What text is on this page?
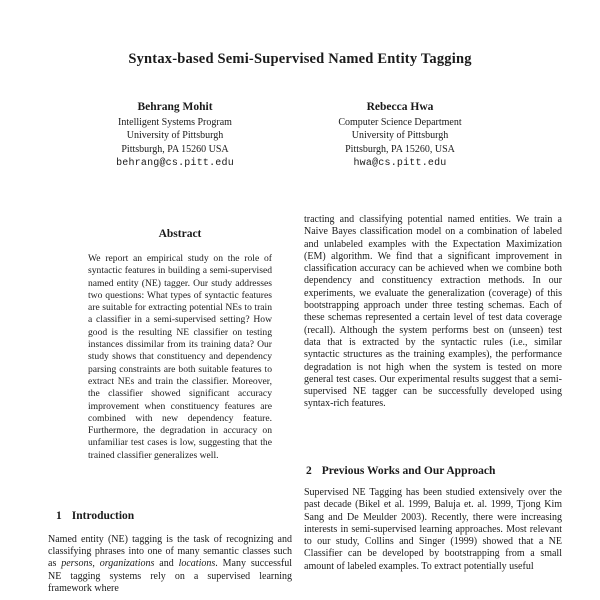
Syntax-based Semi-Supervised Named Entity Tagging
Behrang Mohit
Intelligent Systems Program
University of Pittsburgh
Pittsburgh, PA 15260 USA
behrang@cs.pitt.edu
Rebecca Hwa
Computer Science Department
University of Pittsburgh
Pittsburgh, PA 15260, USA
hwa@cs.pitt.edu
Abstract
We report an empirical study on the role of syntactic features in building a semi-supervised named entity (NE) tagger. Our study addresses two questions: What types of syntactic features are suitable for extracting potential NEs to train a classifier in a semi-supervised setting? How good is the resulting NE classifier on testing instances dissimilar from its training data? Our study shows that constituency and dependency parsing constraints are both suitable features to extract NEs and train the classifier. Moreover, the classifier showed significant accuracy improvement when constituency features are combined with new dependency feature. Furthermore, the degradation in accuracy on unfamiliar test cases is low, suggesting that the trained classifier generalizes well.
1 Introduction
Named entity (NE) tagging is the task of recognizing and classifying phrases into one of many semantic classes such as persons, organizations and locations. Many successful NE tagging systems rely on a supervised learning framework where
tracting and classifying potential named entities. We train a Naive Bayes classification model on a combination of labeled and unlabeled examples with the Expectation Maximization (EM) algorithm. We find that a significant improvement in classification accuracy can be achieved when we combine both dependency and constituency extraction methods. In our experiments, we evaluate the generalization (coverage) of this bootstrapping approach under three testing schemas. Each of these schemas represented a certain level of test data coverage (recall). Although the system performs best on (unseen) test data that is extracted by the syntactic rules (i.e., similar syntactic structures as the training examples), the performance degradation is not high when the system is tested on more general test cases. Our experimental results suggest that a semi-supervised NE tagger can be successfully developed using syntax-rich features.
2 Previous Works and Our Approach
Supervised NE Tagging has been studied extensively over the past decade (Bikel et al. 1999, Baluja et. al. 1999, Tjong Kim Sang and De Meulder 2003). Recently, there were increasing interests in semi-supervised learning approaches. Most relevant to our study, Collins and Singer (1999) showed that a NE Classifier can be developed by bootstrapping from a small amount of labeled examples. To extract potentially useful
